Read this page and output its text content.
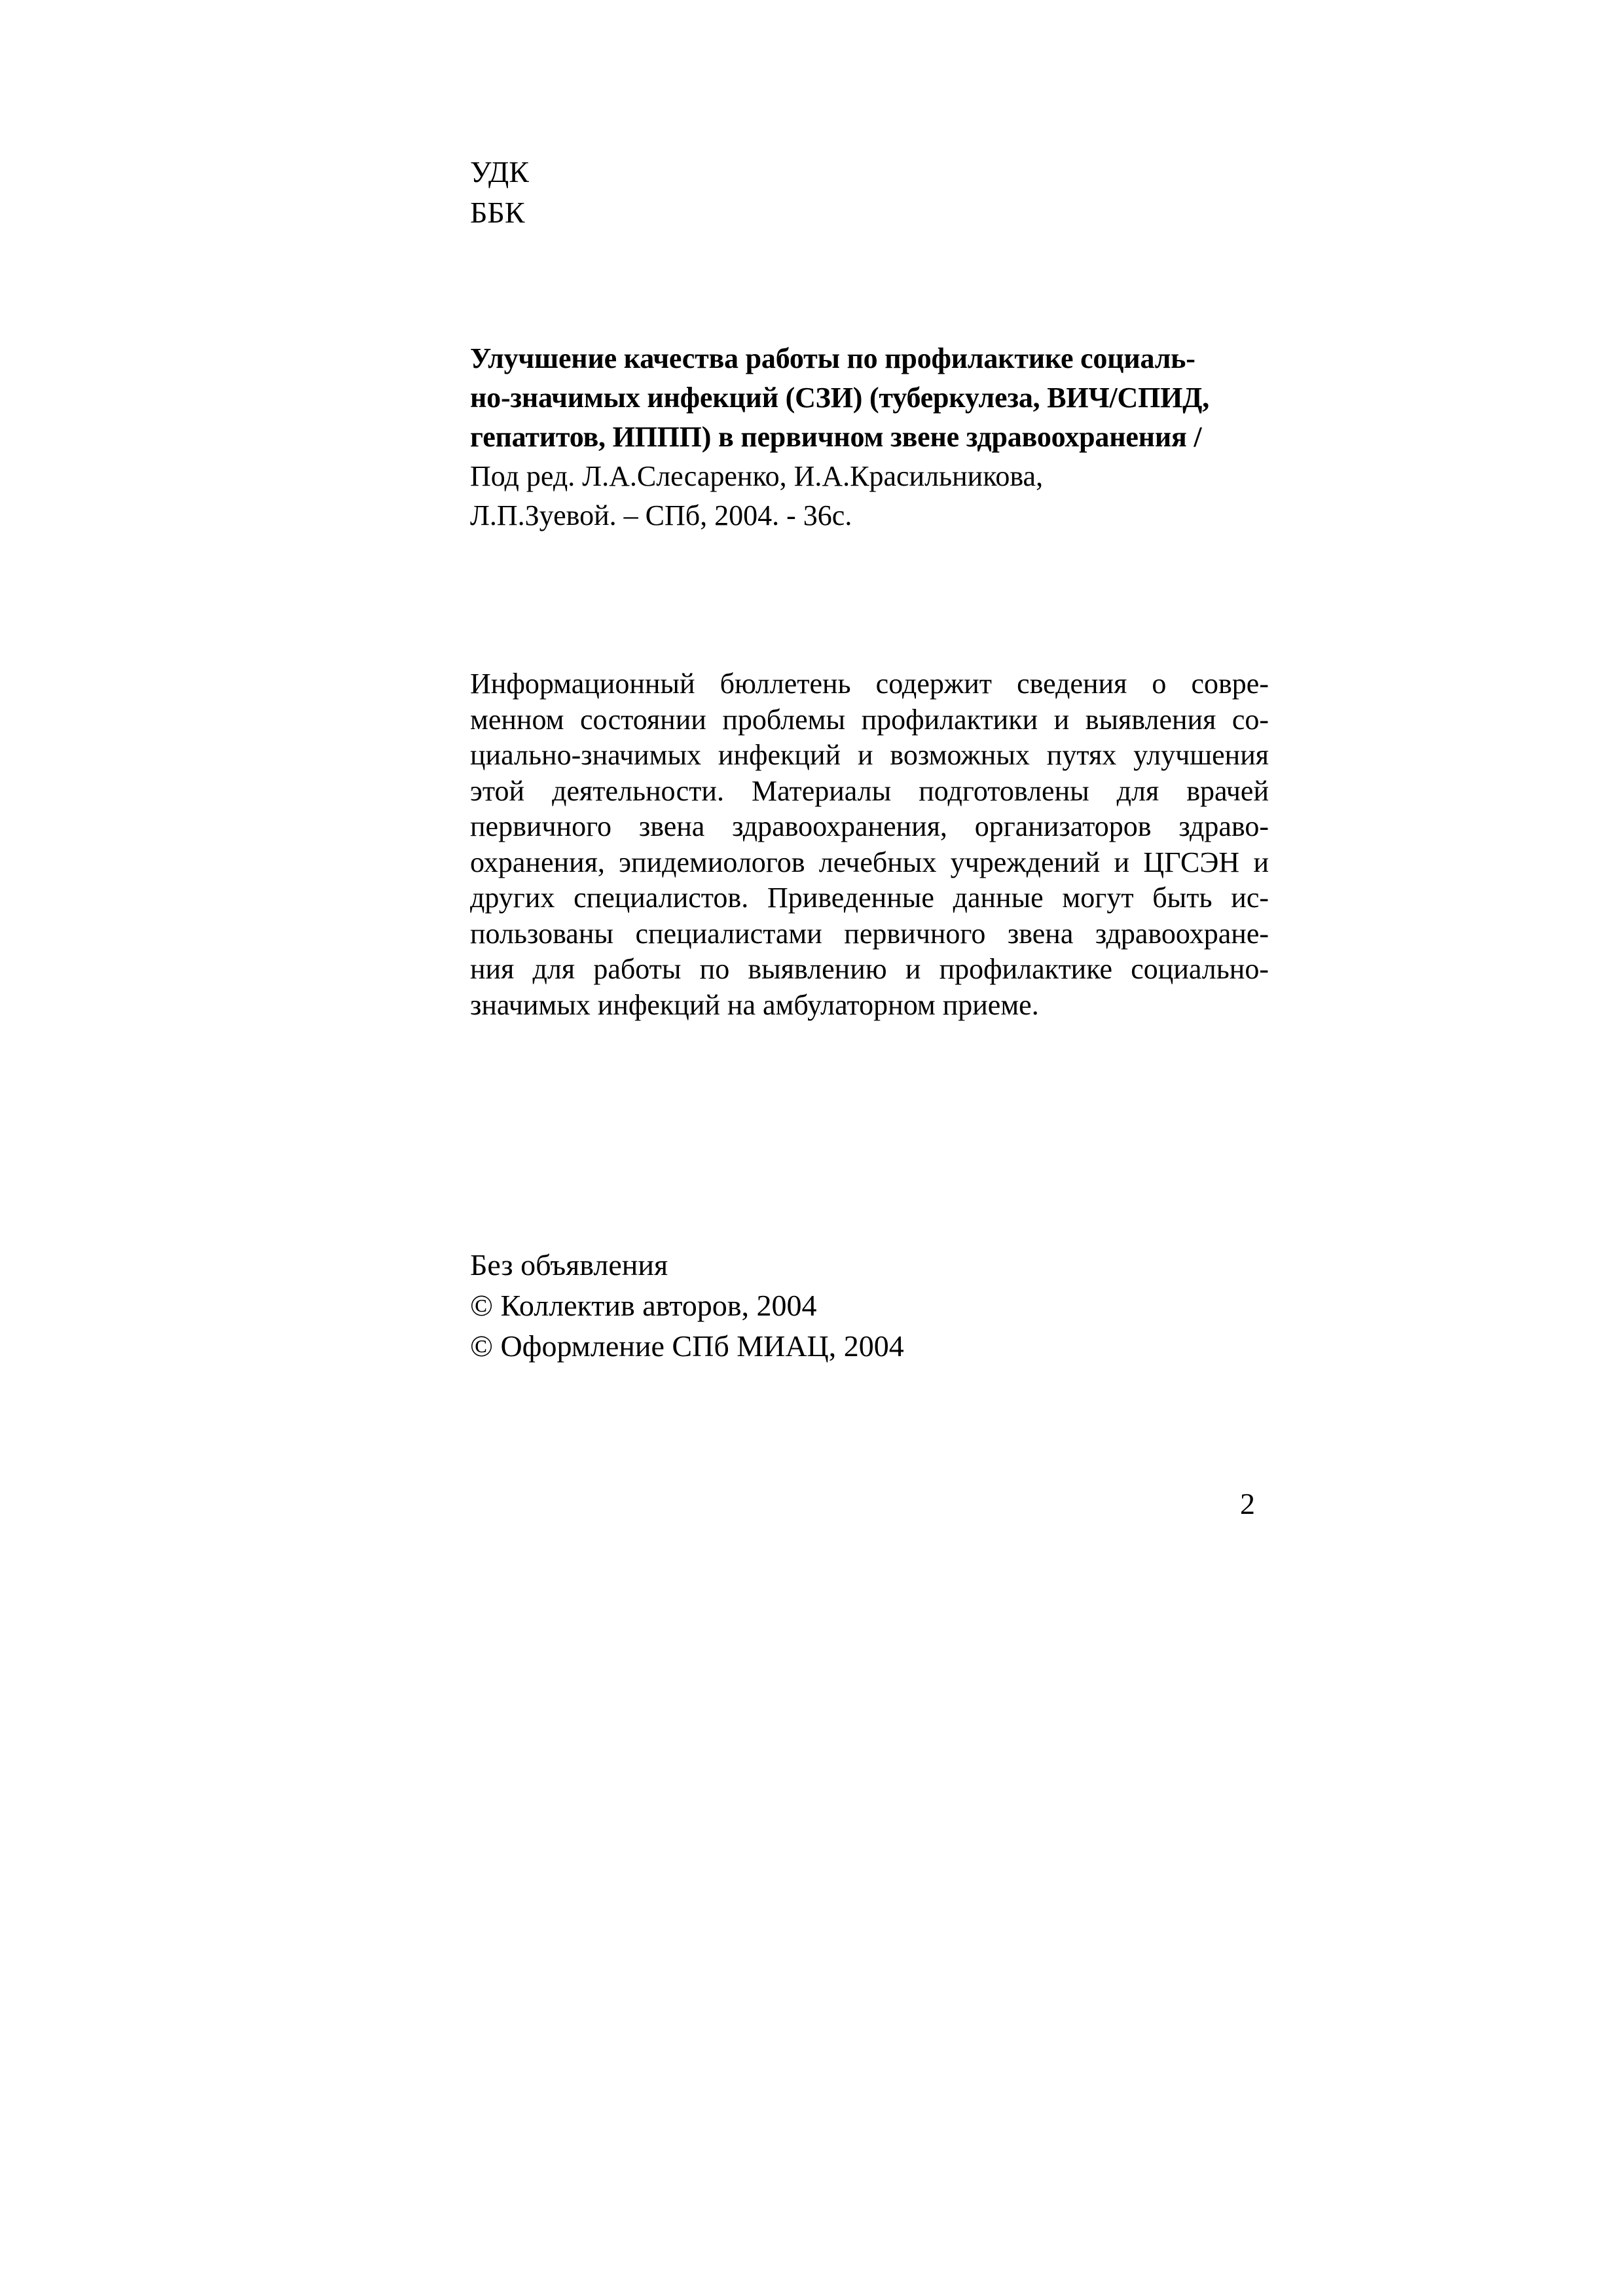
УДК
ББК
Улучшение качества работы по профилактике социаль-
но-значимых инфекций (СЗИ) (туберкулеза, ВИЧ/СПИД,
гепатитов, ИППП) в первичном звене здравоохранения /
Под ред. Л.А.Слесаренко, И.А.Красильникова,
Л.П.Зуевой. – СПб, 2004. - 36с.
Информационный бюллетень содержит сведения о совре-
менном состоянии проблемы профилактики и выявления со-
циально-значимых инфекций и возможных путях улучшения
этой деятельности. Материалы подготовлены для врачей
первичного звена здравоохранения, организаторов здраво-
охранения, эпидемиологов лечебных учреждений и ЦГСЭН и
других специалистов. Приведенные данные могут быть ис-
пользованы специалистами первичного звена здравоохране-
ния для работы по выявлению и профилактике социально-
значимых инфекций на амбулаторном приеме.
Без объявления
© Коллектив авторов, 2004
© Оформление СПб МИАЦ, 2004
2
